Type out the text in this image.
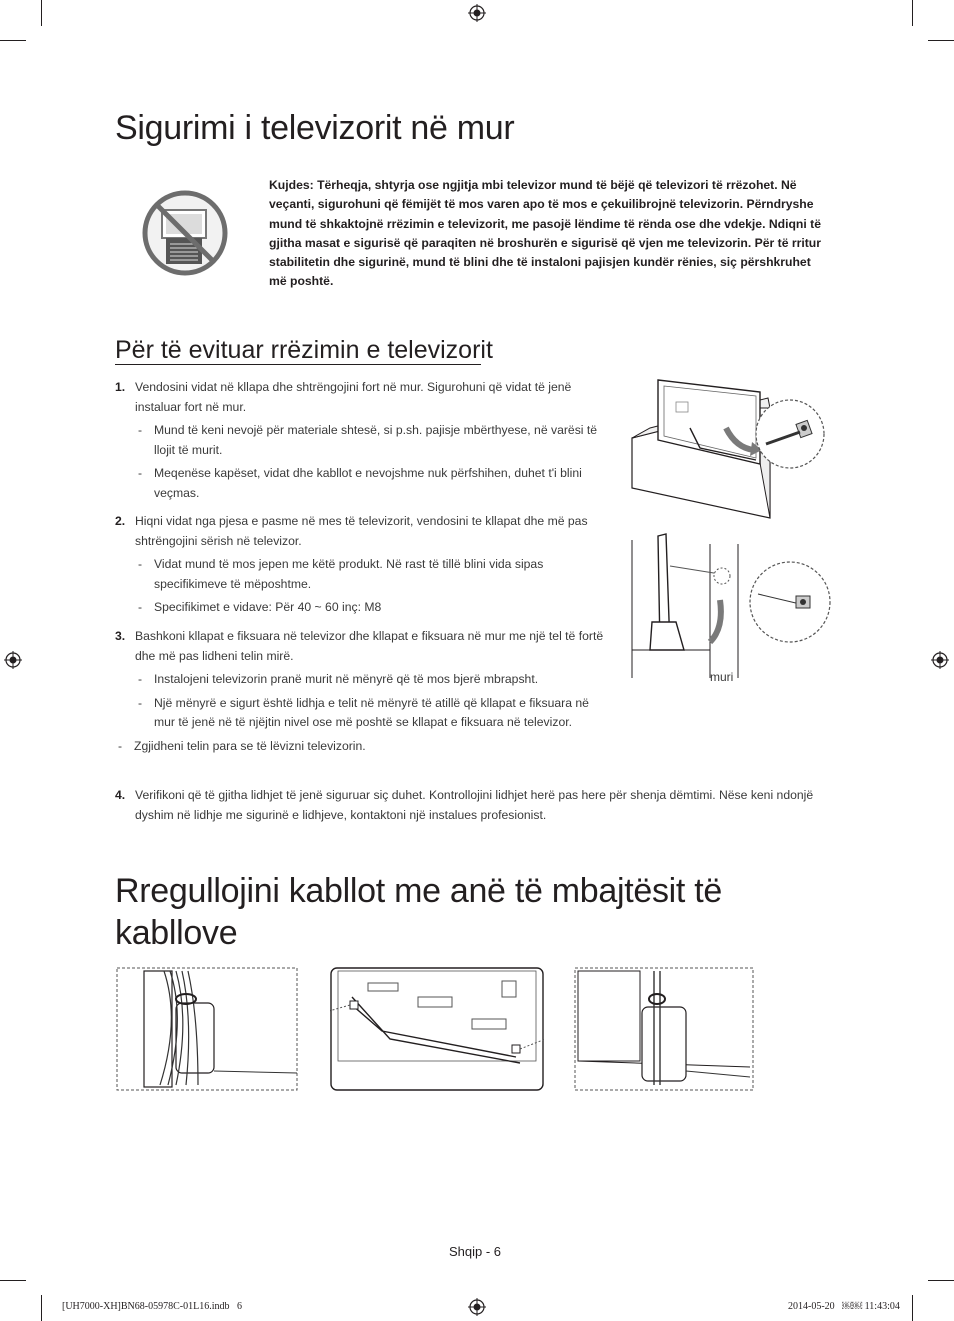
Sigurimi i televizorit në mur
Kujdes: Tërheqja, shtyrja ose ngjitja mbi televizor mund të bëjë që televizori të rrëzohet. Në veçanti, sigurohuni që fëmijët të mos varen apo të mos e çekuilibrojnë televizorin. Përndryshe mund të shkaktojnë rrëzimin e televizorit, me pasojë lëndime të rënda ose dhe vdekje. Ndiqni të gjitha masat e sigurisë që paraqiten në broshurën e sigurisë që vjen me televizorin. Për të rritur stabilitetin dhe sigurinë, mund të blini dhe të instaloni pajisjen kundër rënies, siç përshkruhet më poshtë.
Për të evituar rrëzimin e televizorit
1. Vendosini vidat në kllapa dhe shtrëngojini fort në mur. Sigurohuni që vidat të jenë instaluar fort në mur.
- Mund të keni nevojë për materiale shtesë, si p.sh. pajisje mbërthyese, në varësi të llojit të murit.
- Meqenëse kapëset, vidat dhe kabllot e nevojshme nuk përfshihen, duhet t'i blini veçmas.
2. Hiqni vidat nga pjesa e pasme në mes të televizorit, vendosini te kllapat dhe më pas shtrëngojini sërish në televizor.
- Vidat mund të mos jepen me këtë produkt. Në rast të tillë blini vida sipas specifikimeve të mëposhtme.
- Specifikimet e vidave: Për 40 ~ 60 inç: M8
3. Bashkoni kllapat e fiksuara në televizor dhe kllapat e fiksuara në mur me një tel të fortë dhe më pas lidheni telin mirë.
- Instalojeni televizorin pranë murit në mënyrë që të mos bjerë mbrapsht.
- Një mënyrë e sigurt është lidhja e telit në mënyrë të atillë që kllapat e fiksuara në mur të jenë në të njëjtin nivel ose më poshtë se kllapat e fiksuara në televizor.
- Zgjidheni telin para se të lëvizni televizorin.
4. Verifikoni që të gjitha lidhjet të jenë siguruar siç duhet. Kontrollojini lidhjet herë pas here për shenja dëmtimi. Nëse keni ndonjë dyshim në lidhje me sigurinë e lidhjeve, kontaktoni një instalues profesionist.
muri
Rregullojini kabllot me anë të mbajtësit të
kabllove
Shqip - 6
[UH7000-XH]BN68-05978C-01L16.indb   6	2014-05-20   ￼￼ 11:43:04
